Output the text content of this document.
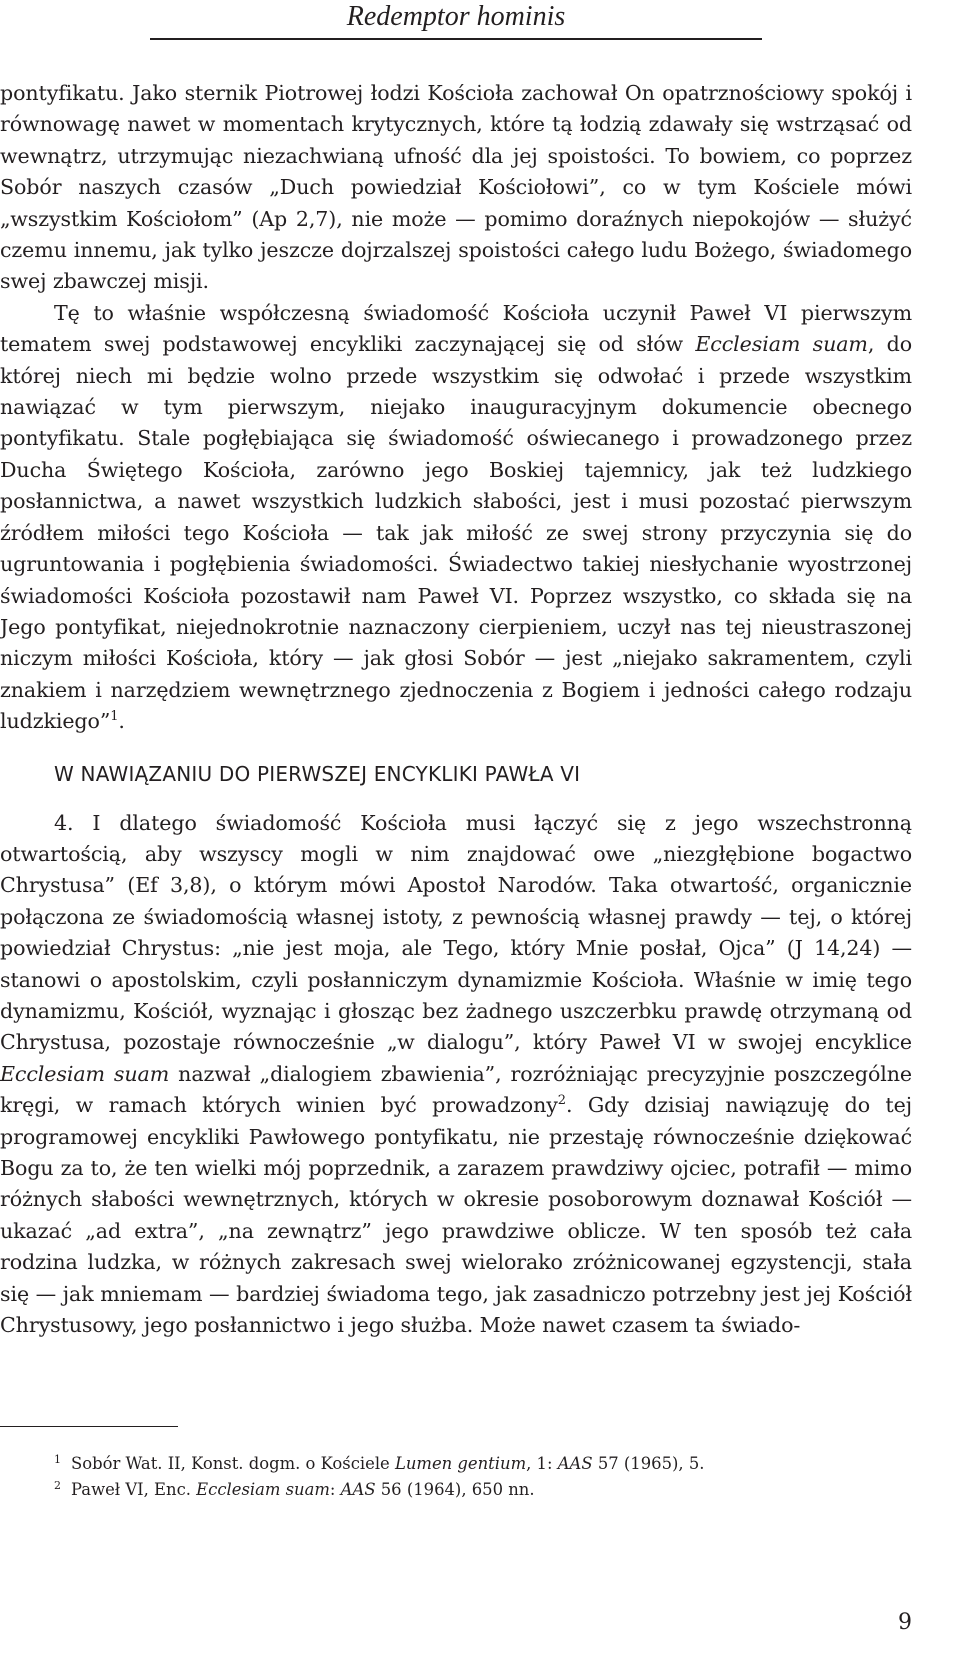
Redemptor hominis

pontyfikatu. Jako sternik Piotrowej łodzi Kościoła zachował On opatrznościowy spokój i równowagę nawet w momentach krytycznych, które tą łodzią zdawały się wstrząsać od wewnątrz, utrzymując niezachwianą ufność dla jej spoistości. To bowiem, co poprzez Sobór naszych czasów „Duch powiedział Kościołowi”, co w tym Kościele mówi „wszystkim Kościołom” (Ap 2,7), nie może — pomimo doraźnych niepokojów — służyć czemu innemu, jak tylko jeszcze dojrzalszej spoistości całego ludu Bożego, świadomego swej zbawczej misji.

Tę to właśnie współczesną świadomość Kościoła uczynił Paweł VI pierwszym tematem swej podstawowej encykliki zaczynającej się od słów Ecclesiam suam, do której niech mi będzie wolno przede wszystkim się odwołać i przede wszystkim nawiązać w tym pierwszym, niejako inauguracyjnym dokumencie obecnego pontyfikatu. Stale pogłębiająca się świadomość oświecanego i prowadzonego przez Ducha Świętego Kościoła, zarówno jego Boskiej tajemnicy, jak też ludzkiego posłannictwa, a nawet wszystkich ludzkich słabości, jest i musi pozostać pierwszym źródłem miłości tego Kościoła — tak jak miłość ze swej strony przyczynia się do ugruntowania i pogłębienia świadomości. Świadectwo takiej niesłychanie wyostrzonej świadomości Kościoła pozostawił nam Paweł VI. Poprzez wszystko, co składa się na Jego pontyfikat, niejednokrotnie naznaczony cierpieniem, uczył nas tej nieustraszonej niczym miłości Kościoła, który — jak głosi Sobór — jest „niejako sakramentem, czyli znakiem i narzędziem wewnętrznego zjednoczenia z Bogiem i jedności całego rodzaju ludzkiego”$^1$.

W NAWIĄZANIU DO PIERWSZEJ ENCYKLIKI PAWŁA VI

4. I dlatego świadomość Kościoła musi łączyć się z jego wszechstronną otwartością, aby wszyscy mogli w nim znajdować owe „niezgłębione bogactwo Chrystusa” (Ef 3,8), o którym mówi Apostoł Narodów. Taka otwartość, organicznie połączona ze świadomością własnej istoty, z pewnością własnej prawdy — tej, o której powiedział Chrystus: „nie jest moja, ale Tego, który Mnie posłał, Ojca” (J 14,24) — stanowi o apostolskim, czyli posłanniczym dynamizmie Kościoła. Właśnie w imię tego dynamizmu, Kościół, wyznając i głosząc bez żadnego uszczerbku prawdę otrzymaną od Chrystusa, pozostaje równocześnie „w dialogu”, który Paweł VI w swojej encyklice Ecclesiam suam nazwał „dialogiem zbawienia”, rozróżniając precyzyjnie poszczególne kręgi, w ramach których winien być prowadzony$^2$. Gdy dzisiaj nawiązuję do tej programowej encykliki Pawłowego pontyfikatu, nie przestaję równocześnie dziękować Bogu za to, że ten wielki mój poprzednik, a zarazem prawdziwy ojciec, potrafił — mimo różnych słabości wewnętrznych, których w okresie posoborowym doznawał Kościół — ukazać „ad extra”, „na zewnątrz” jego prawdziwe oblicze. W ten sposób też cała rodzina ludzka, w różnych zakresach swej wielorako zróżnicowanej egzystencji, stała się — jak mniemam — bardziej świadoma tego, jak zasadniczo potrzebny jest jej Kościół Chrystusowy, jego posłannictwo i jego służba. Może nawet czasem ta świado-

$^1$ Sobór Wat. II, Konst. dogm. o Kościele Lumen gentium, 1: AAS 57 (1965), 5.

$^2$ Paweł VI, Enc. Ecclesiam suam: AAS 56 (1964), 650 nn.

9
